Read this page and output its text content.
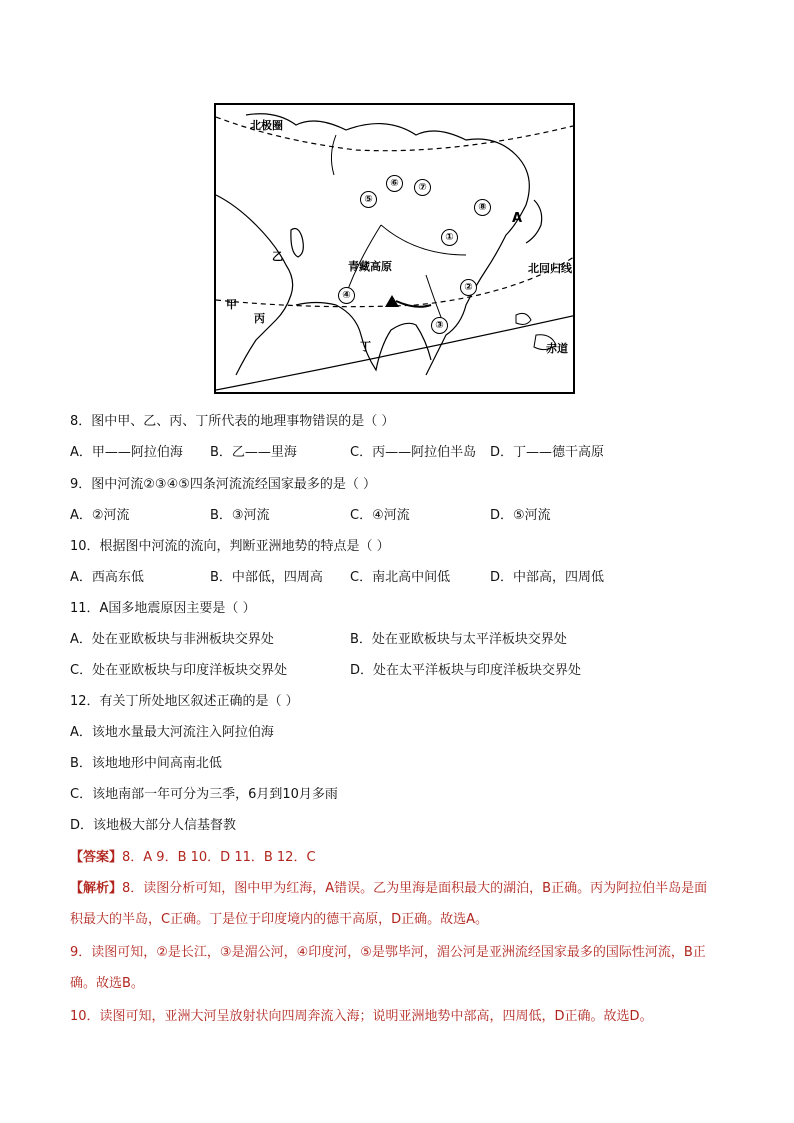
北极圈
青藏高原	北回归线
赤道
A
甲
乙
丙
丁
①
②
③
④
⑤
⑥	⑦
⑧
8．图中甲、乙、丙、丁所代表的地理事物错误的是（ ）
A．甲——阿拉伯海 B．乙——里海	C．丙——阿拉伯半岛 D．丁——德干高原
9．图中河流②③④⑤四条河流流经国家最多的是（ ）
A．②河流	B．③河流	C．④河流	D．⑤河流
10．根据图中河流的流向，判断亚洲地势的特点是（ ）
A．西高东低	B．中部低，四周高 C．南北高中间低	D．中部高，四周低
11．A国多地震原因主要是（ ）
A．处在亚欧板块与非洲板块交界处	B．处在亚欧板块与太平洋板块交界处
C．处在亚欧板块与印度洋板块交界处	D．处在太平洋板块与印度洋板块交界处
12．有关丁所处地区叙述正确的是（ ）
A．该地水量最大河流注入阿拉伯海
B．该地地形中间高南北低
C．该地南部一年可分为三季，6月到10月多雨
D．该地极大部分人信基督教
【答案】8．A 9．B 10．D 11．B 12．C
【解析】8．读图分析可知，图中甲为红海，A错误。乙为里海是面积最大的湖泊，B正确。丙为阿拉伯半岛是面积最大的半岛，C正确。丁是位于印度境内的德干高原，D正确。故选A。
9．读图可知，②是长江，③是湄公河，④印度河，⑤是鄂毕河，湄公河是亚洲流经国家最多的国际性河流，B正确。故选B。
10．读图可知，亚洲大河呈放射状向四周奔流入海；说明亚洲地势中部高，四周低，D正确。故选D。
